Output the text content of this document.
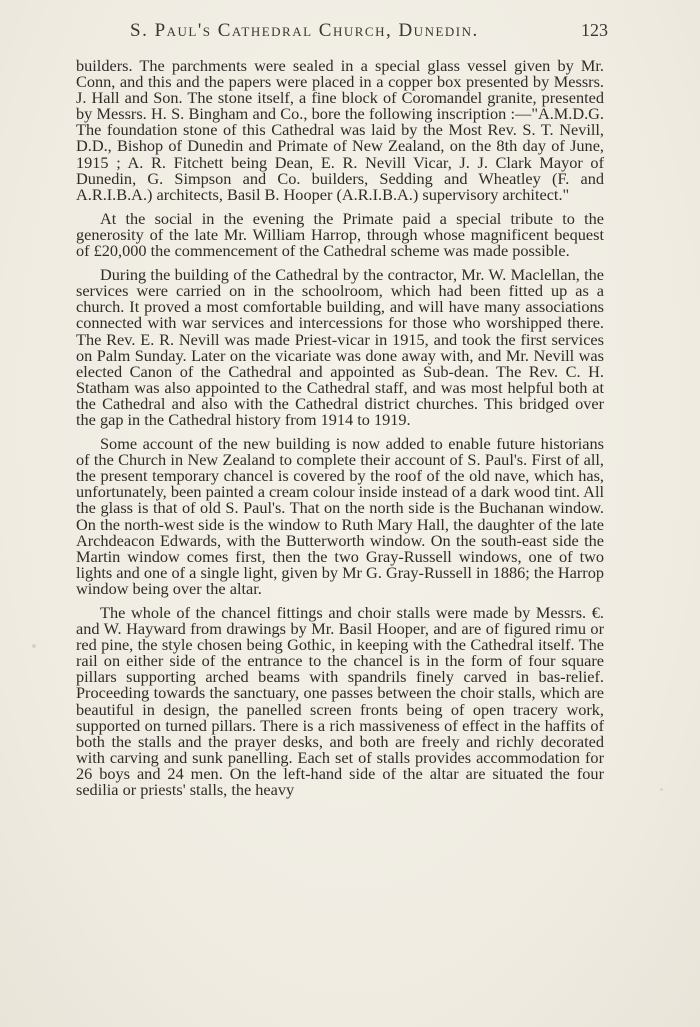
S. Paul's Cathedral Church, Dunedin.	123

builders. The parchments were sealed in a special glass vessel given by Mr. Conn, and this and the papers were placed in a copper box presented by Messrs. J. Hall and Son. The stone itself, a fine block of Coromandel granite, presented by Messrs. H. S. Bingham and Co., bore the following inscription :—"A.M.D.G. The foundation stone of this Cathedral was laid by the Most Rev. S. T. Nevill, D.D., Bishop of Dunedin and Primate of New Zealand, on the 8th day of June, 1915 ; A. R. Fitchett being Dean, E. R. Nevill Vicar, J. J. Clark Mayor of Dunedin, G. Simpson and Co. builders, Sedding and Wheatley (F. and A.R.I.B.A.) architects, Basil B. Hooper (A.R.I.B.A.) supervisory architect."

At the social in the evening the Primate paid a special tribute to the generosity of the late Mr. William Harrop, through whose magnificent bequest of £20,000 the commencement of the Cathedral scheme was made possible.

During the building of the Cathedral by the contractor, Mr. W. Maclellan, the services were carried on in the schoolroom, which had been fitted up as a church. It proved a most comfortable building, and will have many associations connected with war services and intercessions for those who worshipped there. The Rev. E. R. Nevill was made Priest-vicar in 1915, and took the first services on Palm Sunday. Later on the vicariate was done away with, and Mr. Nevill was elected Canon of the Cathedral and appointed as Sub-dean. The Rev. C. H. Statham was also appointed to the Cathedral staff, and was most helpful both at the Cathedral and also with the Cathedral district churches. This bridged over the gap in the Cathedral history from 1914 to 1919.

Some account of the new building is now added to enable future historians of the Church in New Zealand to complete their account of S. Paul's. First of all, the present temporary chancel is covered by the roof of the old nave, which has, unfortunately, been painted a cream colour inside instead of a dark wood tint. All the glass is that of old S. Paul's. That on the north side is the Buchanan window. On the north-west side is the window to Ruth Mary Hall, the daughter of the late Archdeacon Edwards, with the Butterworth window. On the south-east side the Martin window comes first, then the two Gray-Russell windows, one of two lights and one of a single light, given by Mr G. Gray-Russell in 1886; the Harrop window being over the altar.

The whole of the chancel fittings and choir stalls were made by Messrs. €. and W. Hayward from drawings by Mr. Basil Hooper, and are of figured rimu or red pine, the style chosen being Gothic, in keeping with the Cathedral itself. The rail on either side of the entrance to the chancel is in the form of four square pillars supporting arched beams with spandrils finely carved in bas-relief. Proceeding towards the sanctuary, one passes between the choir stalls, which are beautiful in design, the panelled screen fronts being of open tracery work, supported on turned pillars. There is a rich massiveness of effect in the haffits of both the stalls and the prayer desks, and both are freely and richly decorated with carving and sunk panelling. Each set of stalls provides accommodation for 26 boys and 24 men. On the left-hand side of the altar are situated the four sedilia or priests' stalls, the heavy
